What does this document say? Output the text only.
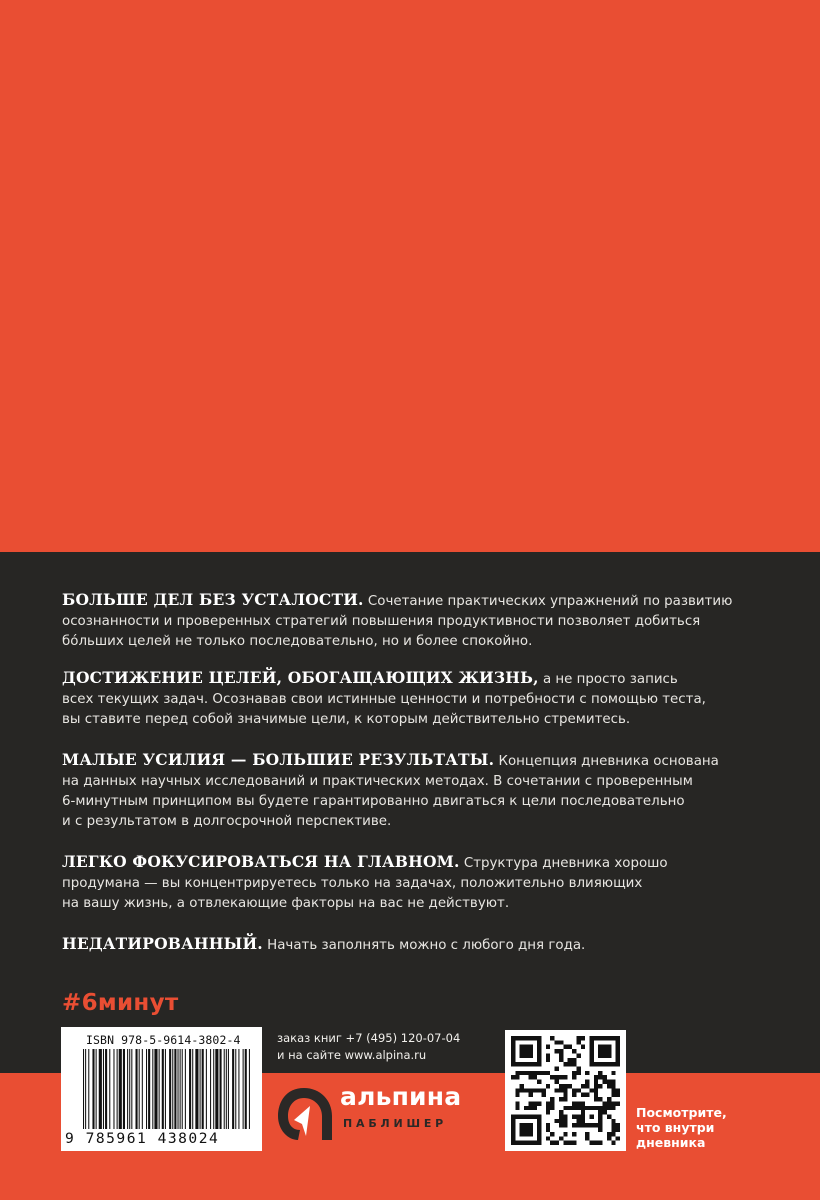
БОЛЬШЕ ДЕЛ БЕЗ УСТАЛОСТИ. Сочетание практических упражнений по развитию
осознанности и проверенных стратегий повышения продуктивности позволяет добиться
бóльших целей не только последовательно, но и более спокойно.

ДОСТИЖЕНИЕ ЦЕЛЕЙ, ОБОГАЩАЮЩИХ ЖИЗНЬ, а не просто запись
всех текущих задач. Осознавав свои истинные ценности и потребности с помощью теста,
вы ставите перед собой значимые цели, к которым действительно стремитесь.

МАЛЫЕ УСИЛИЯ — БОЛЬШИЕ РЕЗУЛЬТАТЫ. Концепция дневника основана
на данных научных исследований и практических методах. В сочетании с проверенным
6-минутным принципом вы будете гарантированно двигаться к цели последовательно
и с результатом в долгосрочной перспективе.

ЛЕГКО ФОКУСИРОВАТЬСЯ НА ГЛАВНОМ. Структура дневника хорошо
продумана — вы концентрируетесь только на задачах, положительно влияющих
на вашу жизнь, а отвлекающие факторы на вас не действуют.

НЕДАТИРОВАННЫЙ. Начать заполнять можно с любого дня года.

#6минут
ISBN 978-5-9614-3802-4
9 785961 438024
заказ книг +7 (495) 120-07-04
и на сайте www.alpina.ru
альпина
ПАБЛИШЕР
Посмотрите,
что внутри
дневника
